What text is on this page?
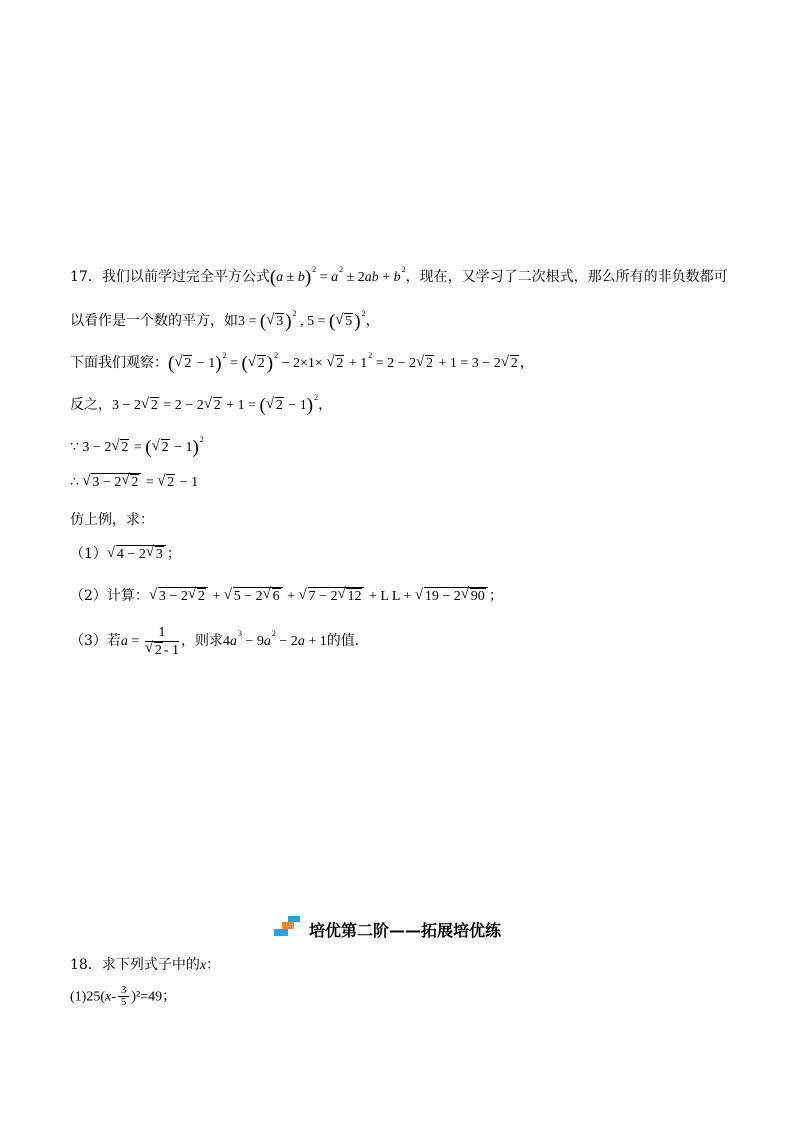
17．我们以前学过完全平方公式$(a \pm b)^2 = a^2 \pm 2ab + b^2$，现在，又学习了二次根式，那么所有的非负数都可
以看作是一个数的平方，如3 = (√ 3 )$^2$ , 5 = (√ 5 )$^2$，
下面我们观察：(√ 2 − 1)$^2$ = (√ 2 )$^2$ − 2×1× √ $2 + 1^2 = 2 - 2√$ 2 + 1 = 3 − 2√ 2 ，
反之，3 − 2√ 2 = 2 − 2√ 2 + 1 = (√ 2 − 1)$^2$，
∵ 3 − 2√ 2 = (√ 2 − 1)$^2$
∴ √ 3 − 2√ 2 = √ 2 − 1
仿上例，求：
（1）√ 4 − 2√ 3 ；
（2）计算：√ 3 − 2√ 2 + √ 5 − 2√ 6 + √ 7 − 2√ 12 + L L + √ 19 − 2√ 90 ；
（3）若a = 1
√ 2 - 1 ，则求$4a^3 - 9a^2 - 2a + 1$的值．
培优第二阶——拓展培优练
18．求下列式子中的x：
$(1)25(x- \frac{3}{5} )^2=49$；
